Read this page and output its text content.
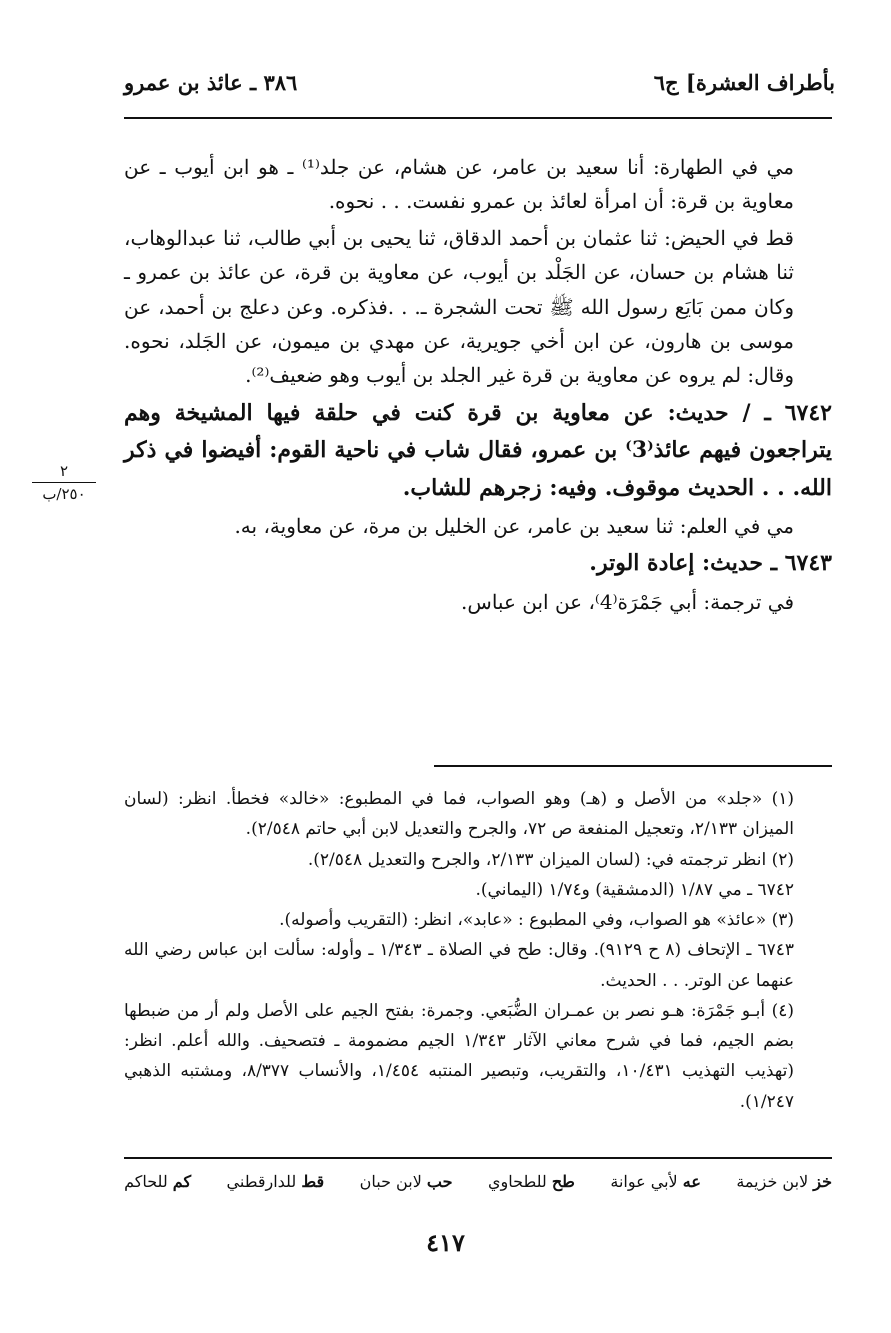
بأطراف العشرة] ج٦
٣٨٦ ـ عائذ بن عمرو
٢
٢٥٠/ب

مي في الطهارة: أنا سعيد بن عامر، عن هشام، عن جلد⁽¹⁾ ـ هو ابن أيوب ـ عن معاوية بن قرة: أن امرأة لعائذ بن عمرو نفست. . . نحوه.

قط في الحيض: ثنا عثمان بن أحمد الدقاق، ثنا يحيى بن أبي طالب، ثنا عبدالوهاب، ثنا هشام بن حسان، عن الجَلْد بن أيوب، عن معاوية بن قرة، عن عائذ بن عمرو ـ وكان ممن بَايَع رسول الله ﷺ تحت الشجرة ـ. . .فذكره. وعن دعلج بن أحمد، عن موسى بن هارون، عن ابن أخي جويرية، عن مهدي بن ميمون، عن الجَلد، نحوه. وقال: لم يروه عن معاوية بن قرة غير الجلد بن أيوب وهو ضعيف⁽²⁾.

٦٧٤٢ ـ / حديث: عن معاوية بن قرة كنت في حلقة فيها المشيخة وهم يتراجعون فيهم عائذ⁽3⁾ بن عمرو، فقال شاب في ناحية القوم: أفيضوا في ذكر الله. . . الحديث موقوف. وفيه: زجرهم للشاب.

مي في العلم: ثنا سعيد بن عامر، عن الخليل بن مرة، عن معاوية، به.

٦٧٤٣ ـ حديث: إعادة الوتر.

في ترجمة: أبي جَمْرَة⁽4⁾، عن ابن عباس.

(١) «جلد» من الأصل و (هـ) وهو الصواب، فما في المطبوع: «خالد» فخطأ. انظر: (لسان الميزان ٢/١٣٣، وتعجيل المنفعة ص ٧٢، والجرح والتعديل لابن أبي حاتم ٢/٥٤٨).

(٢) انظر ترجمته في: (لسان الميزان ٢/١٣٣، والجرح والتعديل ٢/٥٤٨).

٦٧٤٢ ـ مي ١/٨٧ (الدمشقية) و١/٧٤ (اليماني).

(٣) «عائذ» هو الصواب، وفي المطبوع : «عابد»، انظر: (التقريب وأصوله).

٦٧٤٣ ـ الإتحاف (٨ ح ٩١٢٩). وقال: طح في الصلاة ـ ١/٣٤٣ ـ وأوله: سألت ابن عباس رضي الله عنهما عن الوتر. . . الحديث.

(٤) أبـو جَمْرَة: هـو نصر بن عمـران الضُّبَعي. وجمرة: بفتح الجيم على الأصل ولم أر من ضبطها بضم الجيم، فما في شرح معاني الآثار ١/٣٤٣ الجيم مضمومة ـ فتصحيف. والله أعلم. انظر: (تهذيب التهذيب ١٠/٤٣١، والتقريب، وتبصير المنتبه ١/٤٥٤، والأنساب ٨/٣٧٧، ومشتبه الذهبي ١/٢٤٧).

خز لابن خزيمة
عه لأبي عوانة
طح للطحاوي
حب لابن حبان
قط للدارقطني
كم للحاكم
٤١٧
